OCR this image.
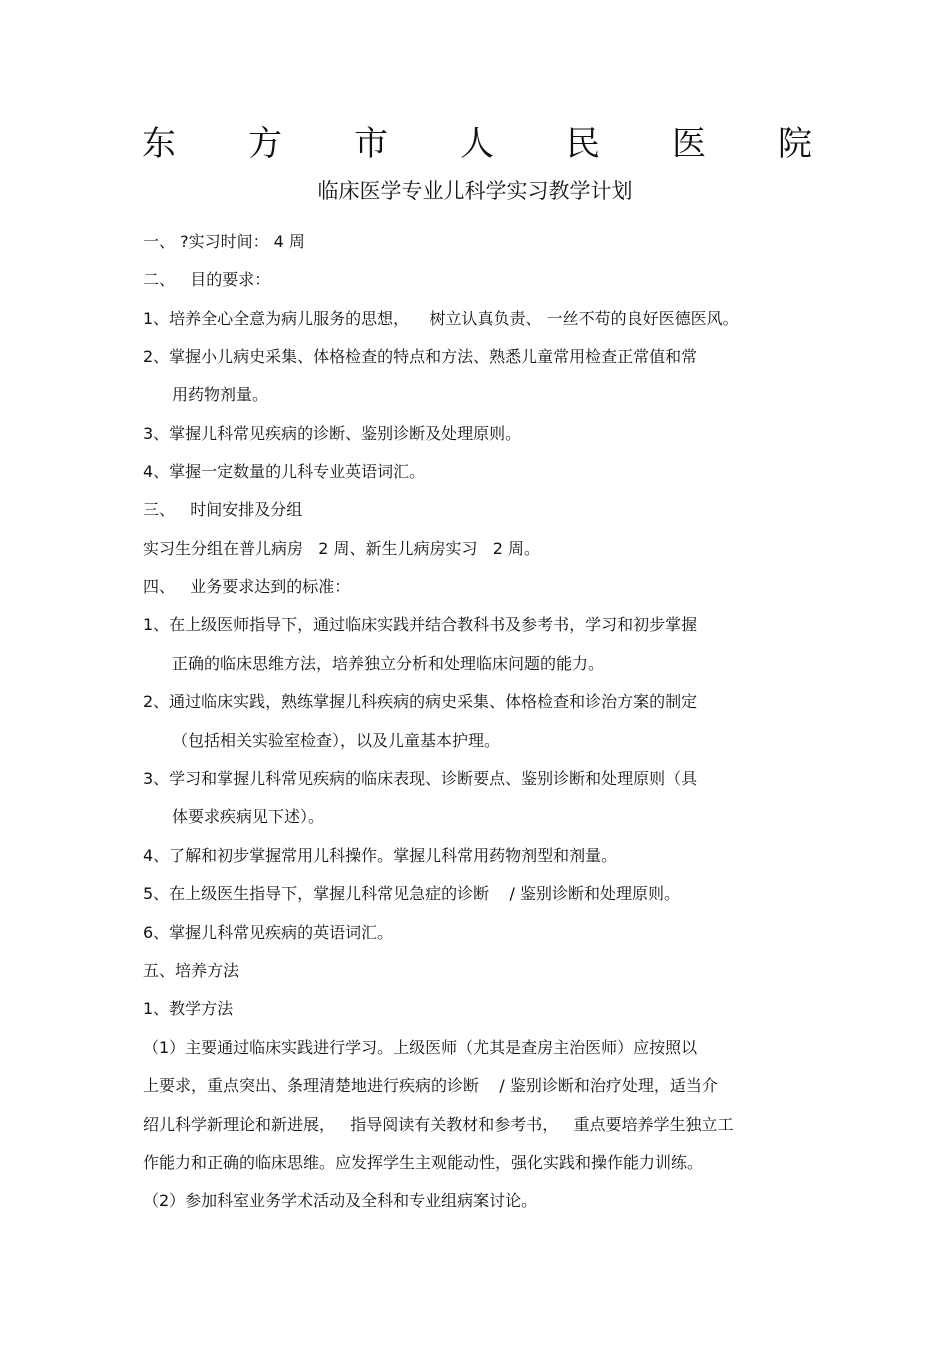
东 方 市 人 民 医 院
临床医学专业儿科学实习教学计划
一、 ?实习时间： 4 周
二、   目的要求：
1、培养全心全意为病儿服务的思想，    树立认真负责、 一丝不苟的良好医德医风。
2、掌握小儿病史采集、体格检查的特点和方法、熟悉儿童常用检查正常值和常
用药物剂量。
3、掌握儿科常见疾病的诊断、鉴别诊断及处理原则。
4、掌握一定数量的儿科专业英语词汇。
三、   时间安排及分组
实习生分组在普儿病房   2 周、新生儿病房实习   2 周。
四、   业务要求达到的标准：
1、在上级医师指导下，通过临床实践并结合教科书及参考书，学习和初步掌握
正确的临床思维方法，培养独立分析和处理临床问题的能力。
2、通过临床实践，熟练掌握儿科疾病的病史采集、体格检查和诊治方案的制定
（包括相关实验室检查），以及儿童基本护理。
3、学习和掌握儿科常见疾病的临床表现、诊断要点、鉴别诊断和处理原则（具
体要求疾病见下述）。
4、了解和初步掌握常用儿科操作。掌握儿科常用药物剂型和剂量。
5、在上级医生指导下，掌握儿科常见急症的诊断    / 鉴别诊断和处理原则。
6、掌握儿科常见疾病的英语词汇。
五、培养方法
1、教学方法
（1）主要通过临床实践进行学习。上级医师（尤其是查房主治医师）应按照以
上要求，重点突出、条理清楚地进行疾病的诊断    / 鉴别诊断和治疗处理，适当介
绍儿科学新理论和新进展，   指导阅读有关教材和参考书，   重点要培养学生独立工
作能力和正确的临床思维。应发挥学生主观能动性，强化实践和操作能力训练。
（2）参加科室业务学术活动及全科和专业组病案讨论。
